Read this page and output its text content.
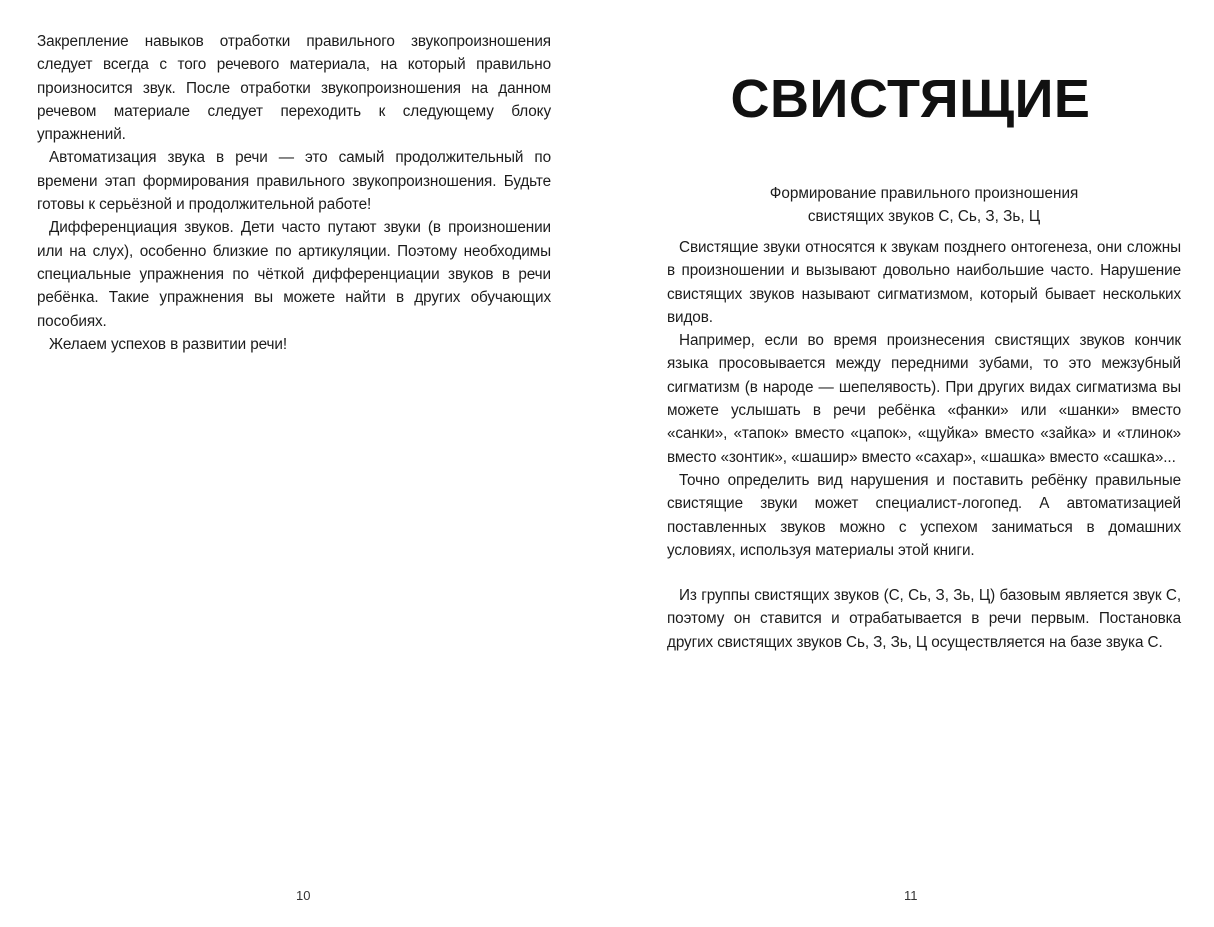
Закрепление навыков отработки правильного звукопроизношения следует всегда с того речевого материала, на который правильно произносится звук. После отработки звукопроизношения на данном речевом материале следует переходить к следующему блоку упражнений.

Автоматизация звука в речи — это самый продолжительный по времени этап формирования правильного звукопроизношения. Будьте готовы к серьёзной и продолжительной работе!

Дифференциация звуков. Дети часто путают звуки (в произношении или на слух), особенно близкие по артикуляции. Поэтому необходимы специальные упражнения по чёткой дифференциации звуков в речи ребёнка. Такие упражнения вы можете найти в других обучающих пособиях.

Желаем успехов в развитии речи!

10
СВИСТЯЩИЕ
Формирование правильного произношения
свистящих звуков С, Сь, З, Зь, Ц

Свистящие звуки относятся к звукам позднего онтогенеза, они сложны в произношении и вызывают довольно наибольшие часто. Нарушение свистящих звуков называют сигматизмом, который бывает нескольких видов.

Например, если во время произнесения свистящих звуков кончик языка просовывается между передними зубами, то это межзубный сигматизм (в народе — шепелявость). При других видах сигматизма вы можете услышать в речи ребёнка «фанки» или «шанки» вместо «санки», «тапок» вместо «цапок», «щуйка» вместо «зайка» и «тлинок» вместо «зонтик», «шашир» вместо «сахар», «шашка» вместо «сашка»...

Точно определить вид нарушения и поставить ребёнку правильные свистящие звуки может специалист-логопед. А автоматизацией поставленных звуков можно с успехом заниматься в домашних условиях, используя материалы этой книги.

Из группы свистящих звуков (С, Сь, З, Зь, Ц) базовым является звук С, поэтому он ставится и отрабатывается в речи первым. Постановка других свистящих звуков Сь, З, Зь, Ц осуществляется на базе звука С.

11
